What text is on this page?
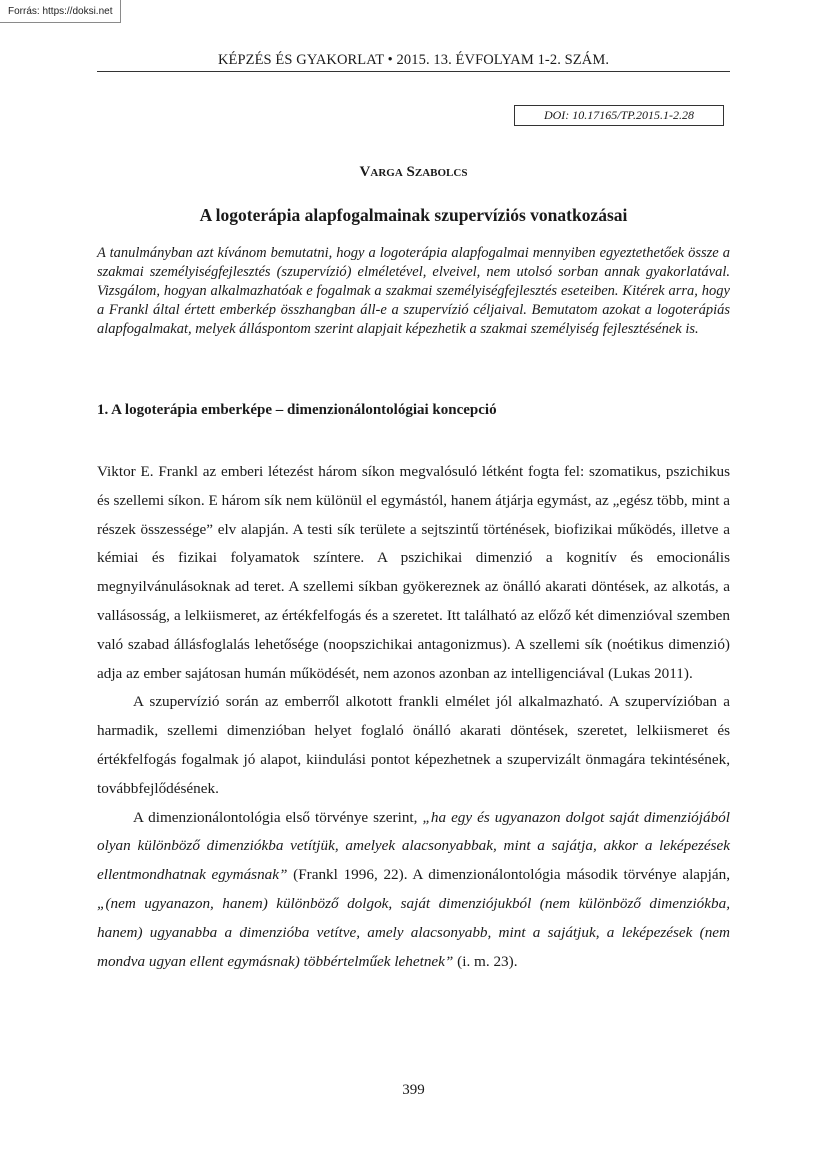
Forrás: https://doksi.net
KÉPZÉS ÉS GYAKORLAT • 2015. 13. ÉVFOLYAM 1-2. SZÁM.
DOI: 10.17165/TP.2015.1-2.28
Varga Szabolcs
A logoterápia alapfogalmainak szupervíziós vonatkozásai

A tanulmányban azt kívánom bemutatni, hogy a logoterápia alapfogalmai mennyiben egyeztethetőek össze a szakmai személyiségfejlesztés (szupervízió) elméletével, elveivel, nem utolsó sorban annak gyakorlatával. Vizsgálom, hogyan alkalmazhatóak e fogalmak a szakmai személyiségfejlesztés eseteiben. Kitérek arra, hogy a Frankl által értett emberkép összhangban áll-e a szupervízió céljaival. Bemutatom azokat a logoterápiás alapfogalmakat, melyek álláspontom szerint alapjait képezhetik a szakmai személyiség fejlesztésének is.

1. A logoterápia emberképe – dimenzionálontológiai koncepció

Viktor E. Frankl az emberi létezést három síkon megvalósuló létként fogta fel: szomatikus, pszichikus és szellemi síkon. E három sík nem különül el egymástól, hanem átjárja egymást, az „egész több, mint a részek összessége” elv alapján. A testi sík területe a sejtszintű történések, biofizikai működés, illetve a kémiai és fizikai folyamatok színtere. A pszichikai dimenzió a kognitív és emocionális megnyilvánulásoknak ad teret. A szellemi síkban gyökereznek az önálló akarati döntések, az alkotás, a vallásosság, a lelkiismeret, az értékfelfogás és a szeretet. Itt található az előző két dimenzióval szemben való szabad állásfoglalás lehetősége (noopszichikai antagonizmus). A szellemi sík (noétikus dimenzió) adja az ember sajátosan humán működését, nem azonos azonban az intelligenciával (Lukas 2011).

A szupervízió során az emberről alkotott frankli elmélet jól alkalmazható. A szupervízióban a harmadik, szellemi dimenzióban helyet foglaló önálló akarati döntések, szeretet, lelkiismeret és értékfelfogás fogalmak jó alapot, kiindulási pontot képezhetnek a szupervizált önmagára tekintésének, továbbfejlődésének.

A dimenzionálontológia első törvénye szerint, „ha egy és ugyanazon dolgot saját dimenziójából olyan különböző dimenziókba vetítjük, amelyek alacsonyabbak, mint a sajátja, akkor a leképezések ellentmondhatnak egymásnak” (Frankl 1996, 22). A dimenzionálontológia második törvénye alapján, „(nem ugyanazon, hanem) különböző dolgok, saját dimenziójukból (nem különböző dimenziókba, hanem) ugyanabba a dimenzióba vetítve, amely alacsonyabb, mint a sajátjuk, a leképezések (nem mondva ugyan ellent egymásnak) többértelműek lehetnek” (i. m. 23).

399
